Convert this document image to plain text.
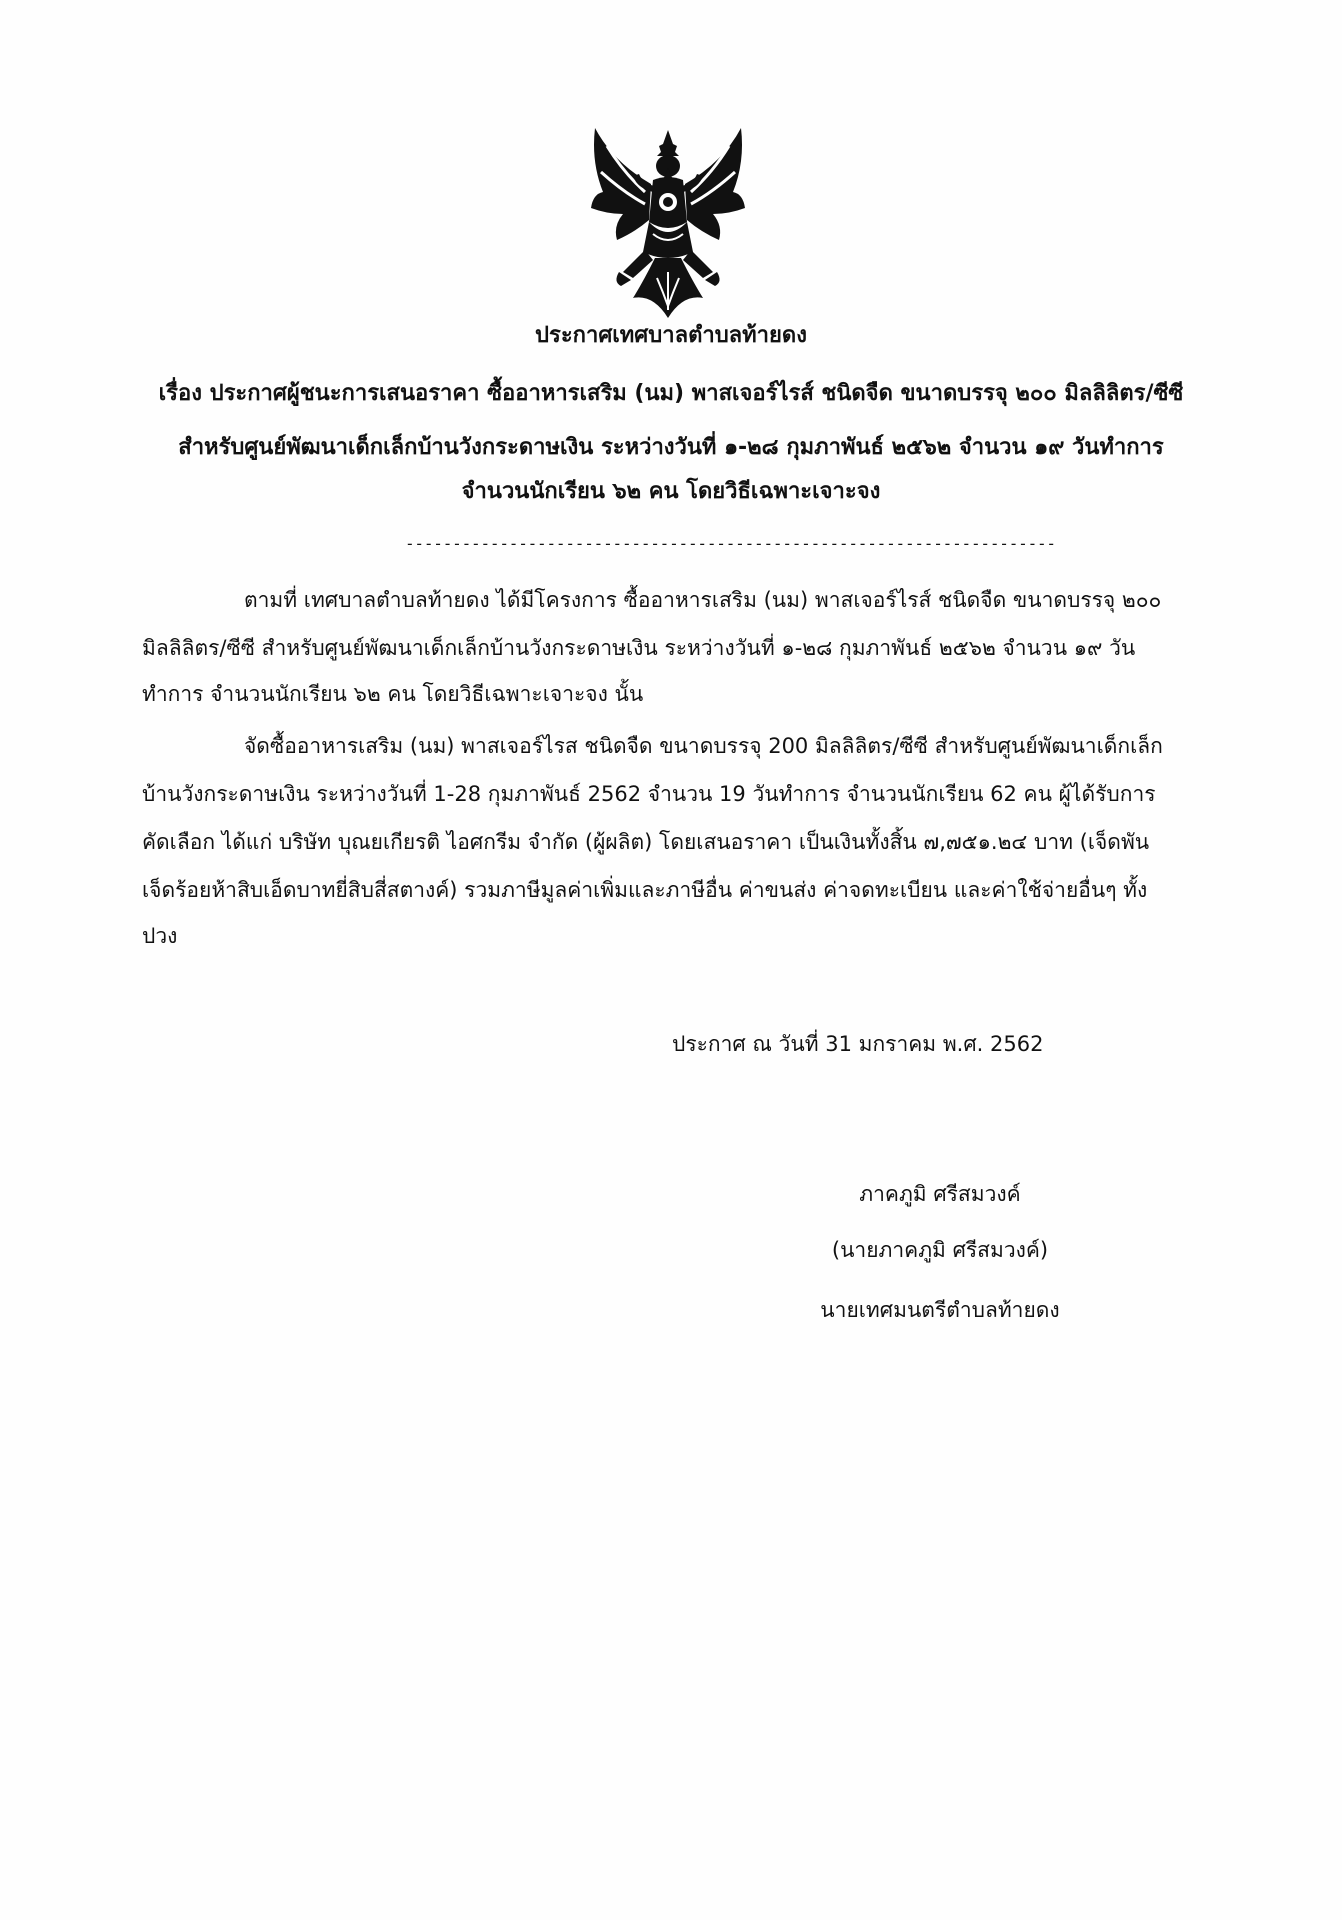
ประกาศเทศบาลตำบลท้ายดง
เรื่อง ประกาศผู้ชนะการเสนอราคา ซื้ออาหารเสริม (นม) พาสเจอร์ไรส์ ชนิดจืด ขนาดบรรจุ ๒๐๐ มิลลิลิตร/ซีซี
สำหรับศูนย์พัฒนาเด็กเล็กบ้านวังกระดาษเงิน ระหว่างวันที่ ๑-๒๘ กุมภาพันธ์ ๒๕๖๒ จำนวน ๑๙ วันทำการ
จำนวนนักเรียน ๖๒ คน โดยวิธีเฉพาะเจาะจง
---------------------------------------------------------------------
ตามที่ เทศบาลตำบลท้ายดง ได้มีโครงการ ซื้ออาหารเสริม (นม) พาสเจอร์ไรส์ ชนิดจืด ขนาดบรรจุ ๒๐๐
มิลลิลิตร/ซีซี สำหรับศูนย์พัฒนาเด็กเล็กบ้านวังกระดาษเงิน ระหว่างวันที่ ๑-๒๘ กุมภาพันธ์ ๒๕๖๒ จำนวน ๑๙ วัน
ทำการ จำนวนนักเรียน ๖๒ คน โดยวิธีเฉพาะเจาะจง นั้น
จัดซื้ออาหารเสริม (นม) พาสเจอร์ไรส ชนิดจืด ขนาดบรรจุ 200 มิลลิลิตร/ซีซี สำหรับศูนย์พัฒนาเด็กเล็ก
บ้านวังกระดาษเงิน ระหว่างวันที่ 1-28 กุมภาพันธ์ 2562 จำนวน 19 วันทำการ จำนวนนักเรียน 62 คน ผู้ได้รับการ
คัดเลือก ได้แก่ บริษัท บุณยเกียรติ ไอศกรีม จำกัด (ผู้ผลิต) โดยเสนอราคา เป็นเงินทั้งสิ้น ๗,๗๕๑.๒๔ บาท (เจ็ดพัน
เจ็ดร้อยห้าสิบเอ็ดบาทยี่สิบสี่สตางค์) รวมภาษีมูลค่าเพิ่มและภาษีอื่น ค่าขนส่ง ค่าจดทะเบียน และค่าใช้จ่ายอื่นๆ ทั้ง
ปวง
ประกาศ ณ วันที่ 31 มกราคม พ.ศ. 2562
ภาคภูมิ ศรีสมวงค์
(นายภาคภูมิ ศรีสมวงค์)
นายเทศมนตรีตำบลท้ายดง
